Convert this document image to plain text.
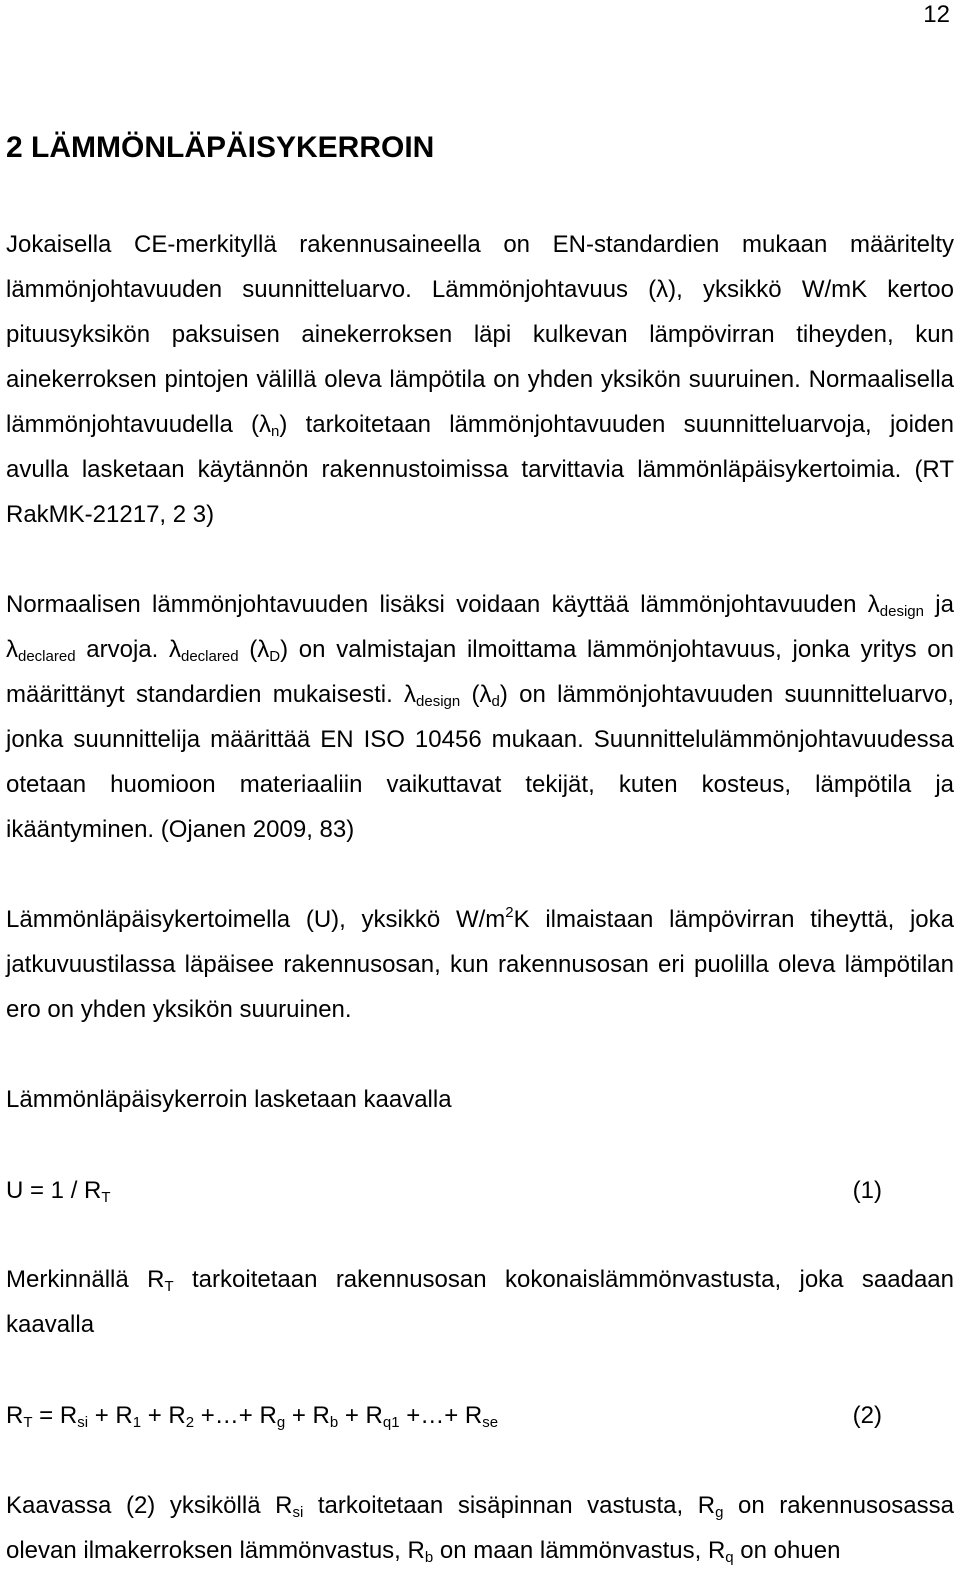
12
2 LÄMMÖNLÄPÄISYKERROIN

Jokaisella CE-merkityllä rakennusaineella on EN-standardien mukaan määritelty lämmönjohtavuuden suunnitteluarvo. Lämmönjohtavuus (λ), yksikkö W/mK kertoo pituusyksikön paksuisen ainekerroksen läpi kulkevan lämpövirran tiheyden, kun ainekerroksen pintojen välillä oleva lämpötila on yhden yksikön suuruinen. Normaalisella lämmönjohtavuudella $(\lambda_n)$ tarkoitetaan lämmönjohtavuuden suunnitteluarvoja, joiden avulla lasketaan käytännön rakennustoimissa tarvittavia lämmönläpäisykertoimia. (RT RakMK-21217, 2 3)

Normaalisen lämmönjohtavuuden lisäksi voidaan käyttää lämmönjohtavuuden $\lambda_{design}$ ja $\lambda_{declared}$ arvoja. $\lambda_{declared}$ $(\lambda_D)$ on valmistajan ilmoittama lämmönjohtavuus, jonka yritys on määrittänyt standardien mukaisesti. $\lambda_{design}$ $(\lambda_d)$ on lämmönjohtavuuden suunnitteluarvo, jonka suunnittelija määrittää EN ISO 10456 mukaan. Suunnittelulämmönjohtavuudessa otetaan huomioon materiaaliin vaikuttavat tekijät, kuten kosteus, lämpötila ja ikääntyminen. (Ojanen 2009, 83)

Lämmönläpäisykertoimella (U), yksikkö $W/m^2K$ ilmaistaan lämpövirran tiheyttä, joka jatkuvuustilassa läpäisee rakennusosan, kun rakennusosan eri puolilla oleva lämpötilan ero on yhden yksikön suuruinen.

Lämmönläpäisykerroin lasketaan kaavalla

$U = 1 / R_T$	(1)

Merkinnällä $R_T$ tarkoitetaan rakennusosan kokonaislämmönvastusta, joka saadaan kaavalla

$R_T = R_{si} + R_1 + R_2$ +…+ $R_g + R_b + R_{q1}$ +…+ $R_{se}$	(2)

Kaavassa (2) yksiköllä $R_{si}$ tarkoitetaan sisäpinnan vastusta, $R_g$ on rakennusosassa olevan ilmakerroksen lämmönvastus, $R_b$ on maan lämmönvastus, $R_q$ on ohuen
